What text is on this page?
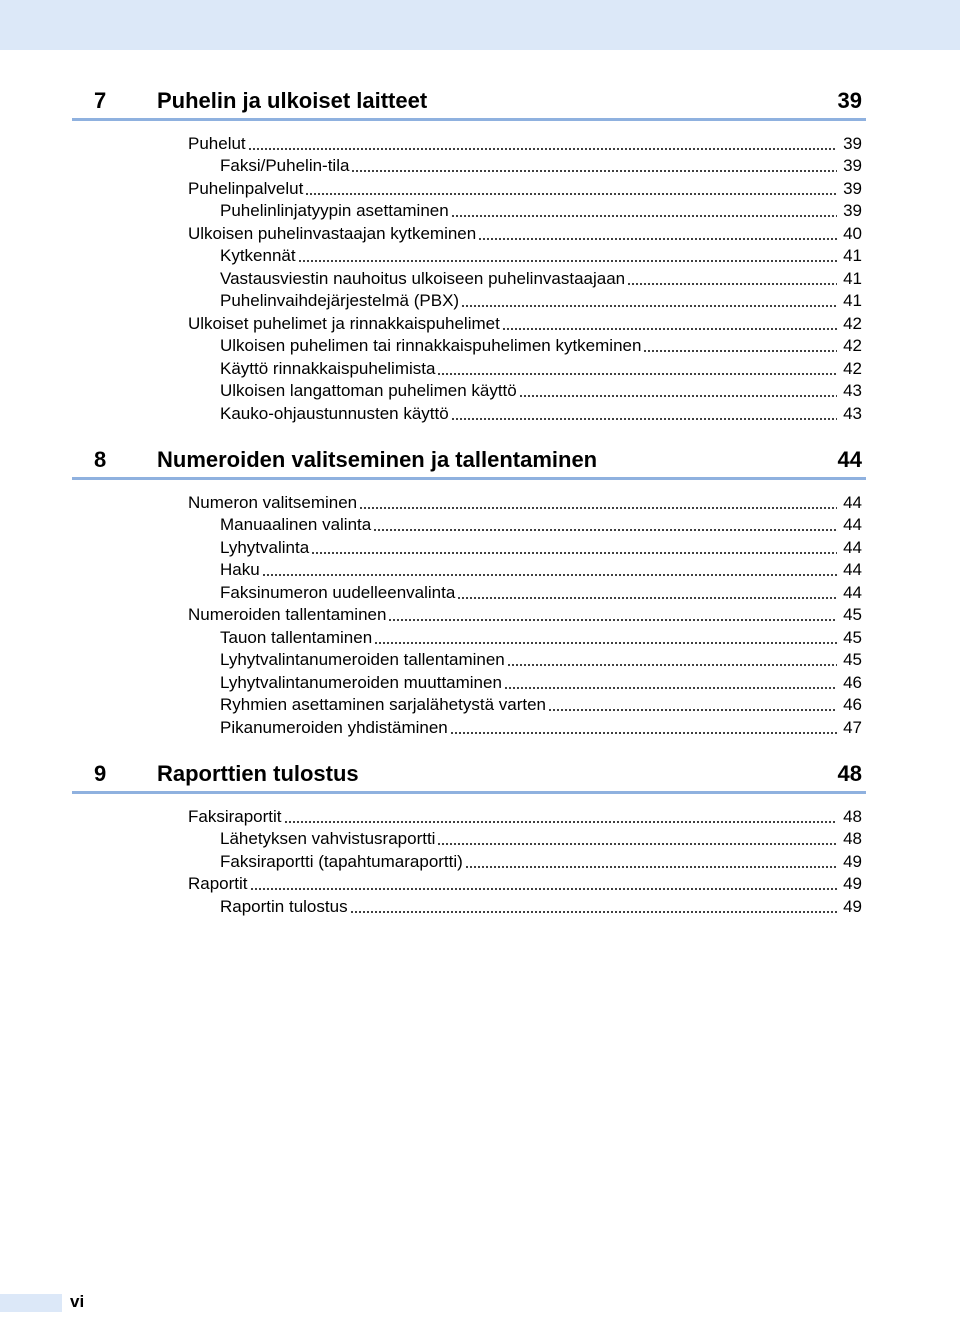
7 Puhelin ja ulkoiset laitteet	39
Puhelut	39
Faksi/Puhelin-tila	39
Puhelinpalvelut	39
Puhelinlinjatyypin asettaminen	39
Ulkoisen puhelinvastaajan kytkeminen	40
Kytkennät	41
Vastausviestin nauhoitus ulkoiseen puhelinvastaajaan	41
Puhelinvaihdejärjestelmä (PBX)	41
Ulkoiset puhelimet ja rinnakkaispuhelimet	42
Ulkoisen puhelimen tai rinnakkaispuhelimen kytkeminen	42
Käyttö rinnakkaispuhelimista	42
Ulkoisen langattoman puhelimen käyttö	43
Kauko-ohjaustunnusten käyttö	43
8 Numeroiden valitseminen ja tallentaminen	44
Numeron valitseminen	44
Manuaalinen valinta	44
Lyhytvalinta	44
Haku	44
Faksinumeron uudelleenvalinta	44
Numeroiden tallentaminen	45
Tauon tallentaminen	45
Lyhytvalintanumeroiden tallentaminen	45
Lyhytvalintanumeroiden muuttaminen	46
Ryhmien asettaminen sarjalähetystä varten	46
Pikanumeroiden yhdistäminen	47
9 Raporttien tulostus	48
Faksiraportit	48
Lähetyksen vahvistusraportti	48
Faksiraportti (tapahtumaraportti)	49
Raportit	49
Raportin tulostus	49
vi
